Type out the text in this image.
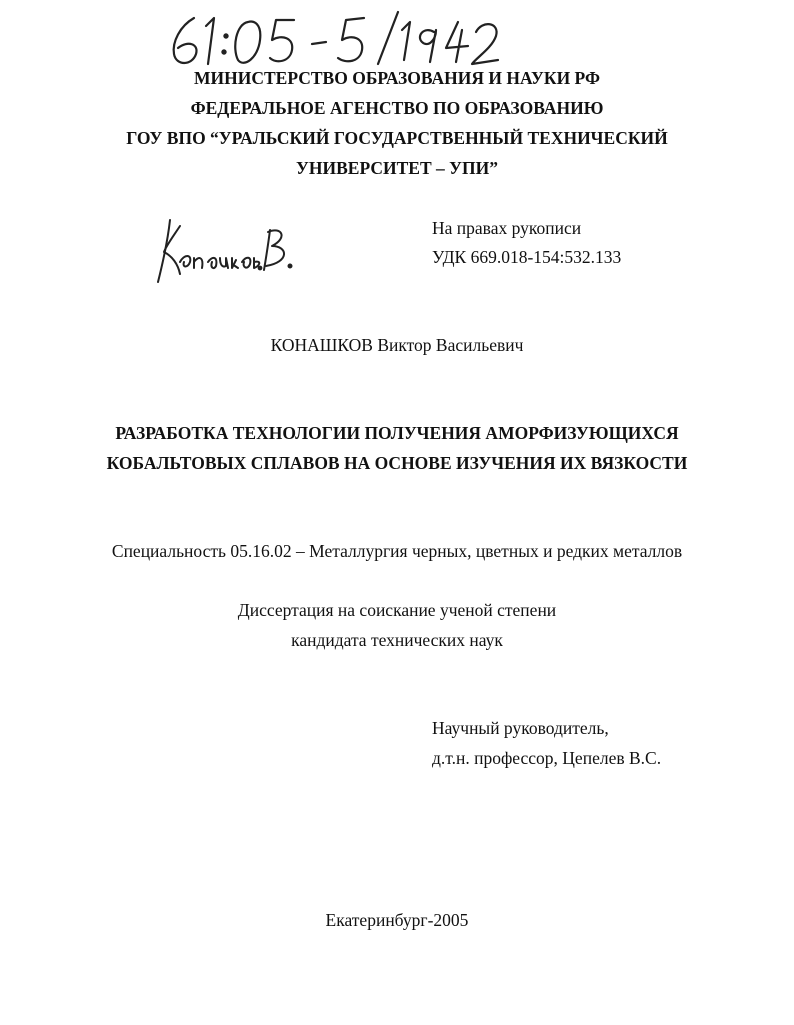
МИНИСТЕРСТВО ОБРАЗОВАНИЯ И НАУКИ РФ
ФЕДЕРАЛЬНОЕ АГЕНСТВО ПО ОБРАЗОВАНИЮ
ГОУ ВПО “УРАЛЬСКИЙ ГОСУДАРСТВЕННЫЙ ТЕХНИЧЕСКИЙ
УНИВЕРСИТЕТ – УПИ”
На правах рукописи
УДК 669.018-154:532.133
КОНАШКОВ Виктор Васильевич
РАЗРАБОТКА ТЕХНОЛОГИИ ПОЛУЧЕНИЯ АМОРФИЗУЮЩИХСЯ
КОБАЛЬТОВЫХ СПЛАВОВ НА ОСНОВЕ ИЗУЧЕНИЯ ИХ ВЯЗКОСТИ
Специальность 05.16.02 – Металлургия черных, цветных и редких металлов
Диссертация на соискание ученой степени
кандидата технических наук
Научный руководитель,
д.т.н. профессор, Цепелев В.С.
Екатеринбург-2005
